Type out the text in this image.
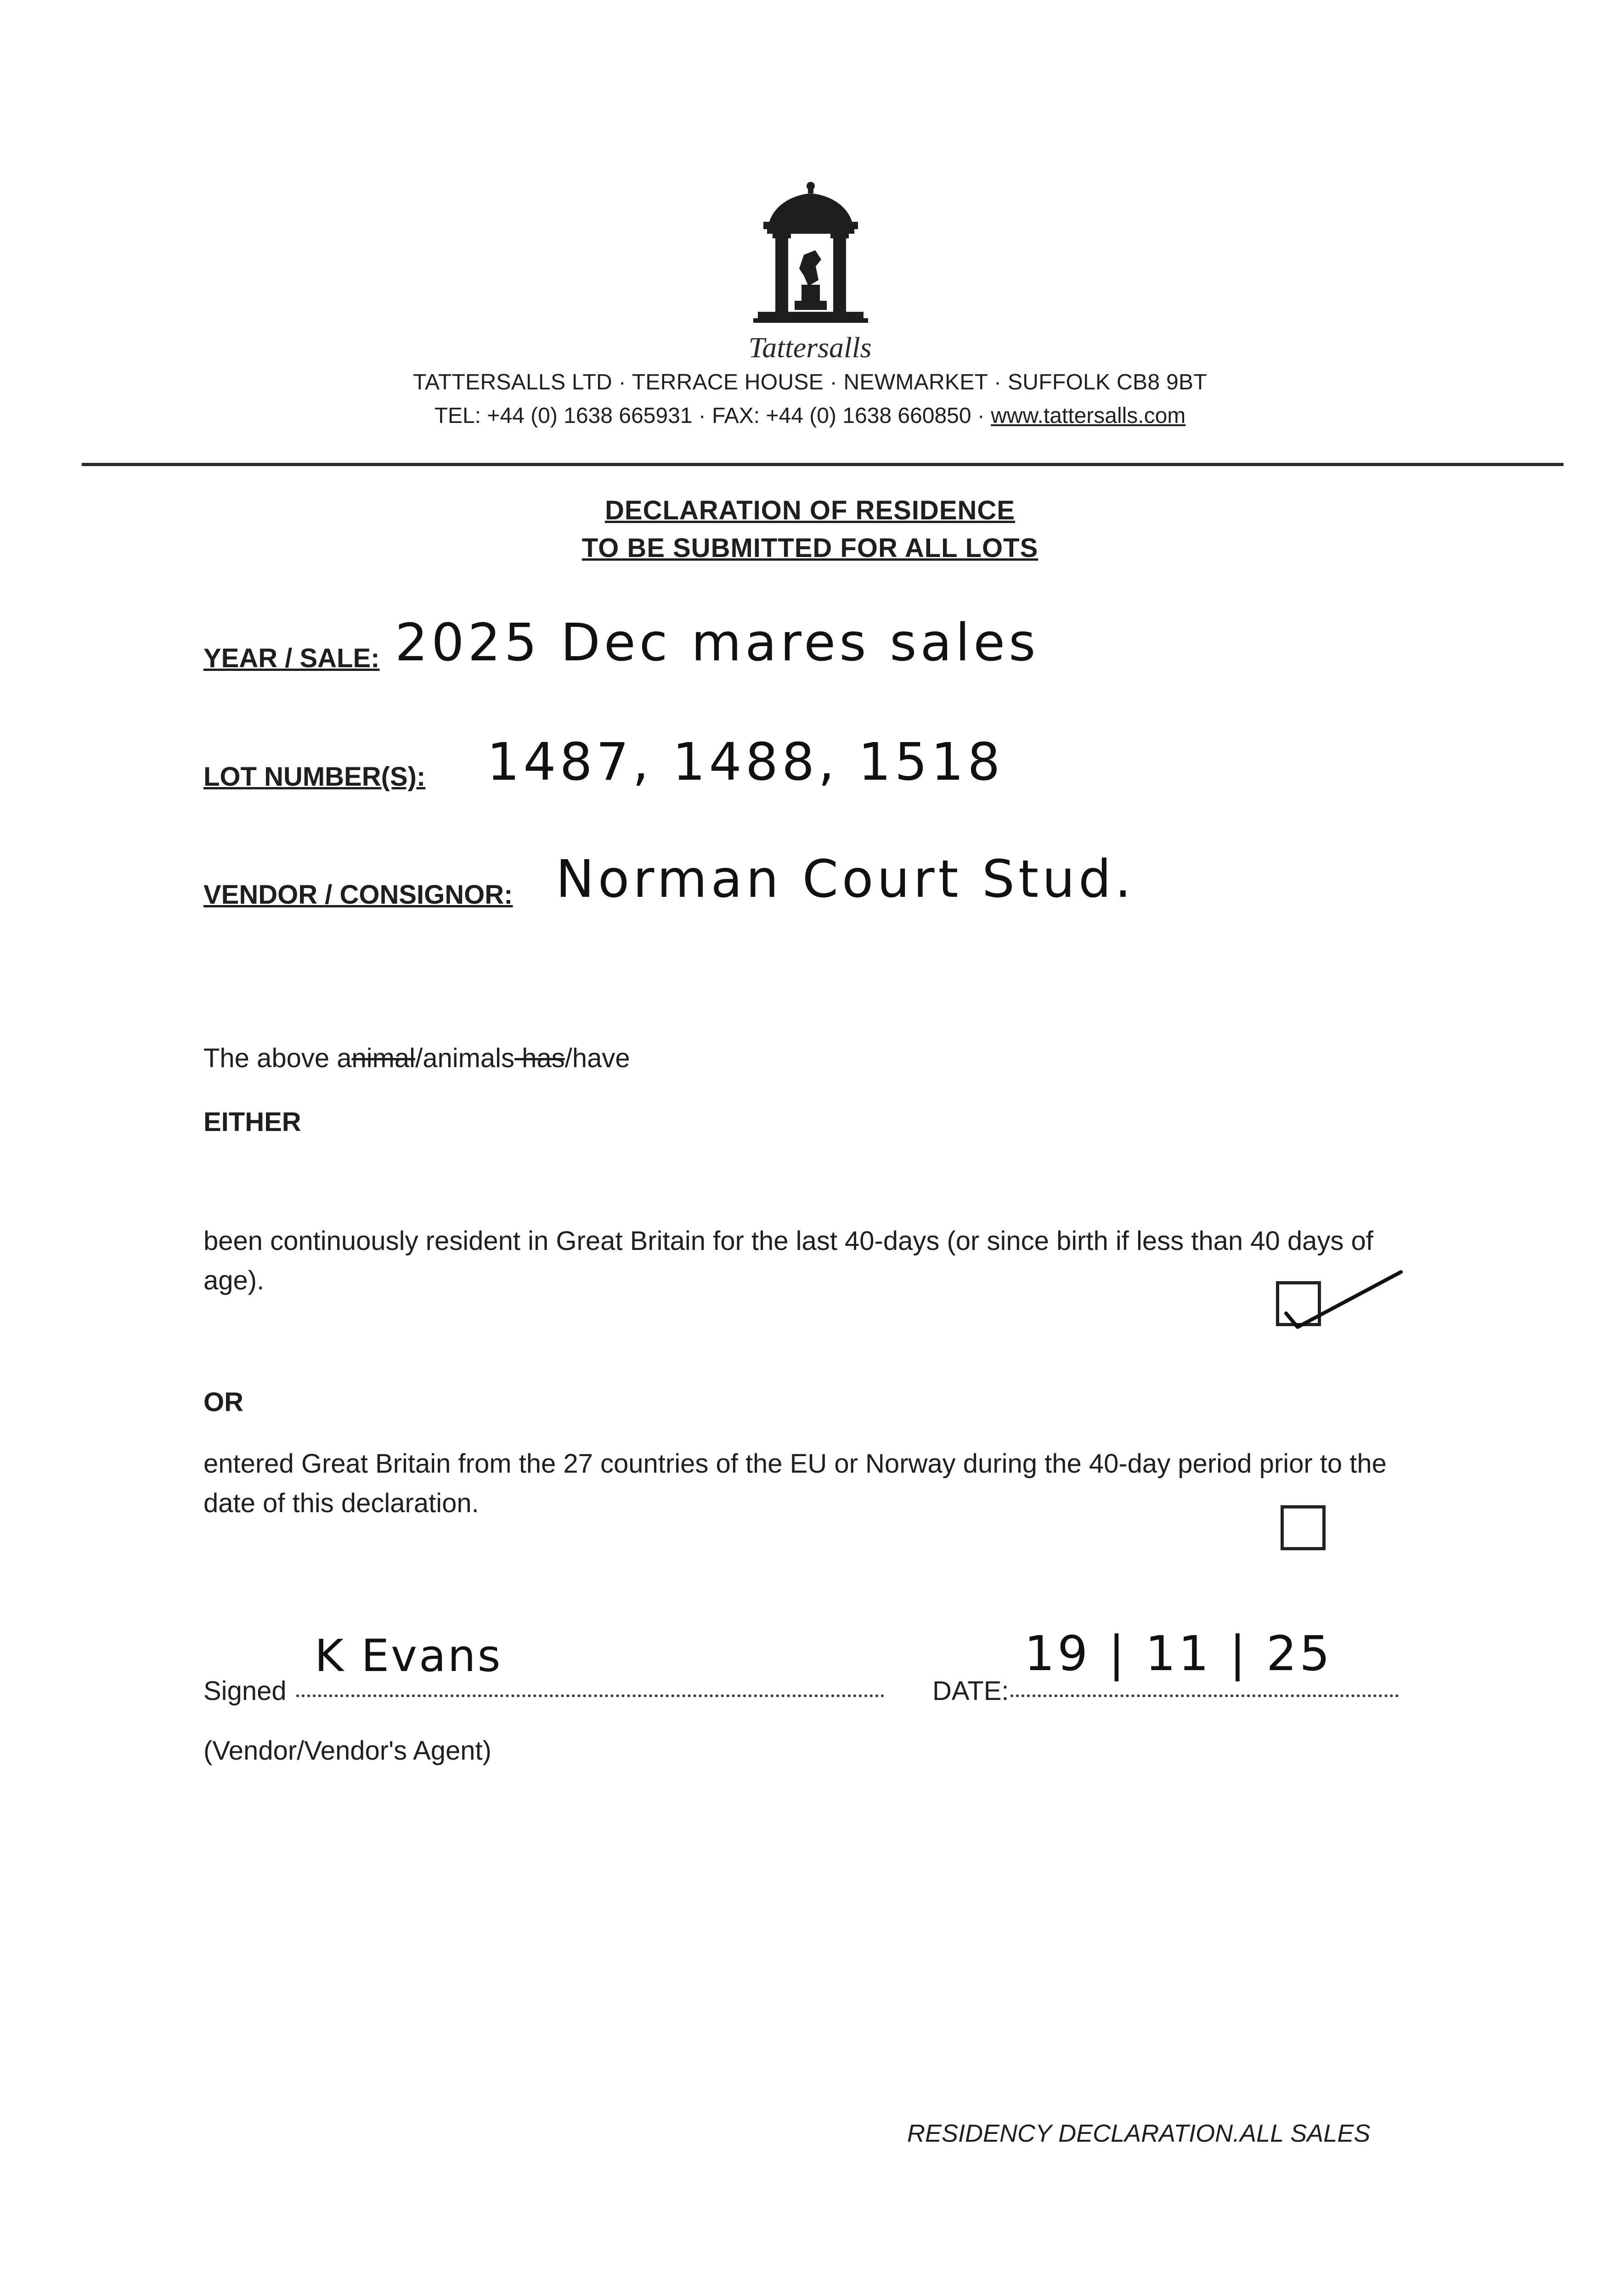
Tattersalls
TATTERSALLS LTD · TERRACE HOUSE · NEWMARKET · SUFFOLK CB8 9BT
TEL: +44 (0) 1638 665931 · FAX: +44 (0) 1638 660850 · www.tattersalls.com
DECLARATION OF RESIDENCE
TO BE SUBMITTED FOR ALL LOTS
YEAR / SALE: 2025 Dec mares sales
LOT NUMBER(S): 1487, 1488, 1518
VENDOR / CONSIGNOR: Norman Court Stud.
The above animal/animals has/have
EITHER
been continuously resident in Great Britain for the last 40-days (or since birth if less than 40 days of age).
OR
entered Great Britain from the 27 countries of the EU or Norway during the 40-day period prior to the date of this declaration.
Signed
K Evans
DATE:
19 | 11 | 25
(Vendor/Vendor's Agent)
RESIDENCY DECLARATION.ALL SALES
